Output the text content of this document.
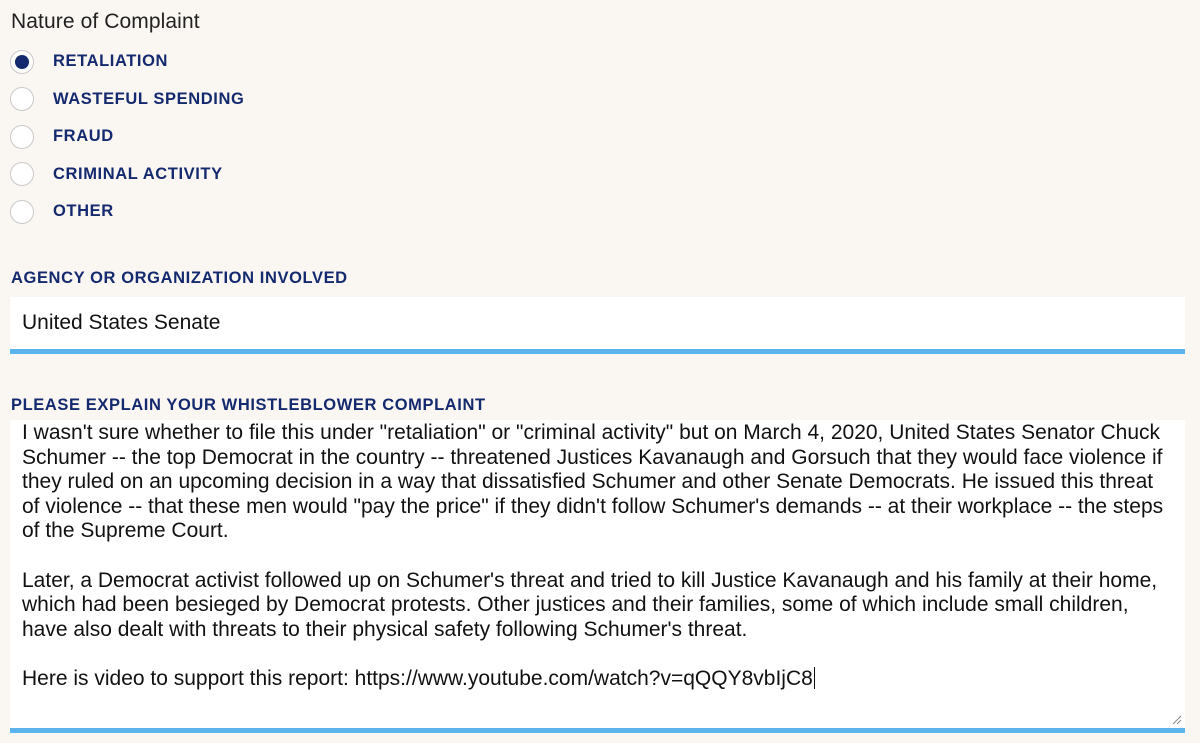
Nature of Complaint
RETALIATION
WASTEFUL SPENDING
FRAUD
CRIMINAL ACTIVITY
OTHER
AGENCY OR ORGANIZATION INVOLVED
United States Senate
PLEASE EXPLAIN YOUR WHISTLEBLOWER COMPLAINT
I wasn't sure whether to file this under "retaliation" or "criminal activity" but on March 4, 2020, United States Senator Chuck Schumer -- the top Democrat in the country -- threatened Justices Kavanaugh and Gorsuch that they would face violence if they ruled on an upcoming decision in a way that dissatisfied Schumer and other Senate Democrats. He issued this threat of violence -- that these men would "pay the price" if they didn't follow Schumer's demands -- at their workplace -- the steps of the Supreme Court.

Later, a Democrat activist followed up on Schumer's threat and tried to kill Justice Kavanaugh and his family at their home, which had been besieged by Democrat protests. Other justices and their families, some of which include small children, have also dealt with threats to their physical safety following Schumer's threat.

Here is video to support this report: https://www.youtube.com/watch?v=qQQY8vbIjC8
